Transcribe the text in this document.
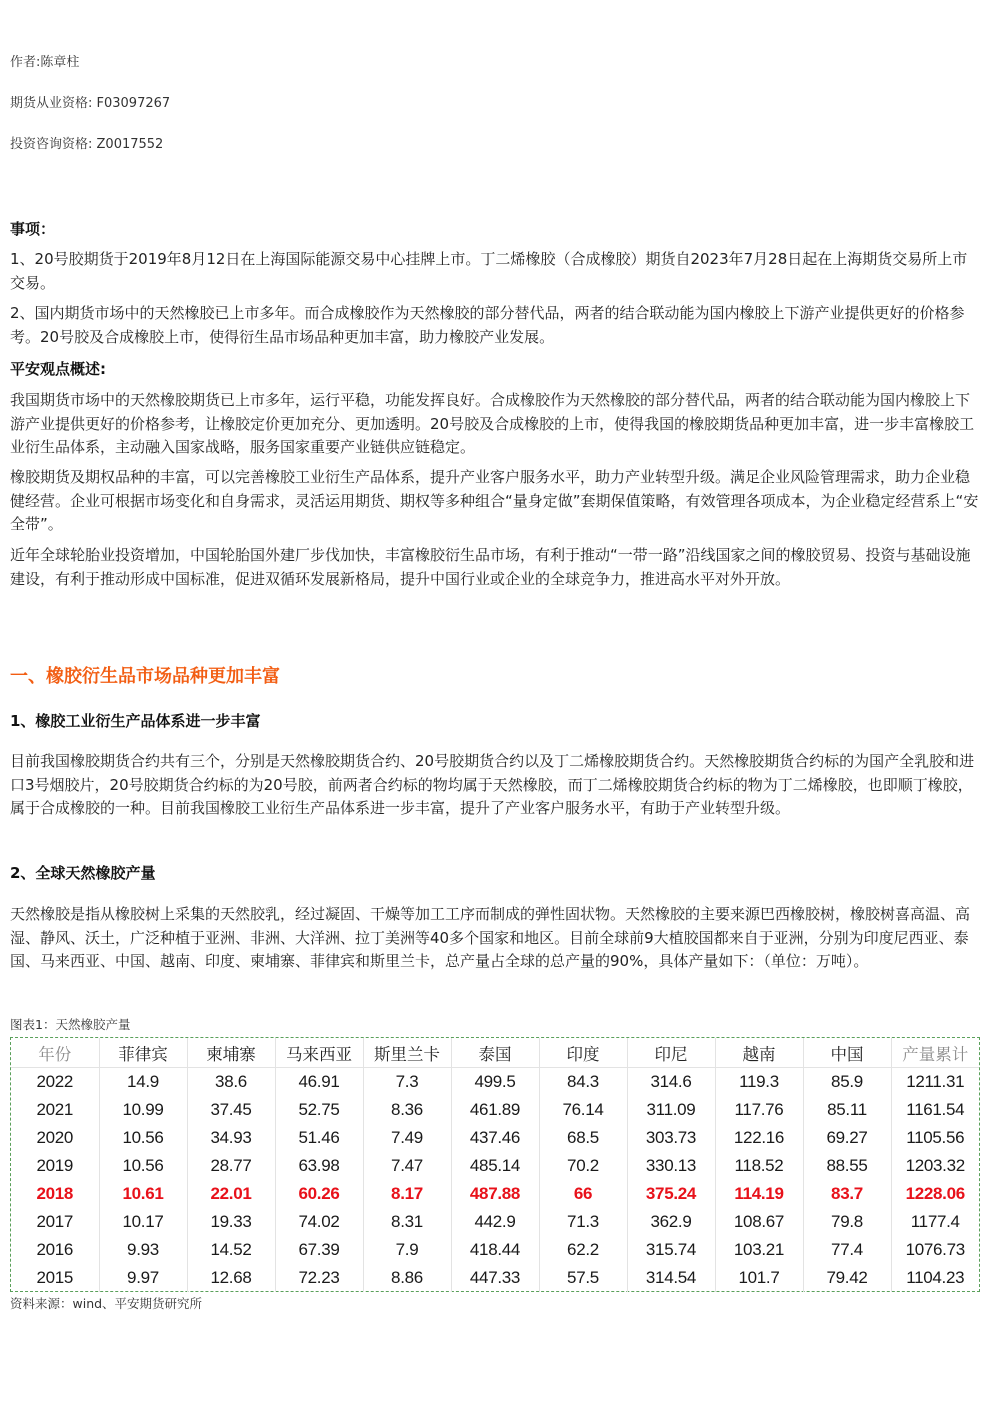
作者:陈章柱
期货从业资格: F03097267
投资咨询资格: Z0017552
事项：
1、20号胶期货于2019年8月12日在上海国际能源交易中心挂牌上市。丁二烯橡胶（合成橡胶）期货自2023年7月28日起在上海期货交易所上市交易。
2、国内期货市场中的天然橡胶已上市多年。而合成橡胶作为天然橡胶的部分替代品，两者的结合联动能为国内橡胶上下游产业提供更好的价格参考。20号胶及合成橡胶上市，使得衍生品市场品种更加丰富，助力橡胶产业发展。
平安观点概述:
我国期货市场中的天然橡胶期货已上市多年，运行平稳，功能发挥良好。合成橡胶作为天然橡胶的部分替代品，两者的结合联动能为国内橡胶上下游产业提供更好的价格参考，让橡胶定价更加充分、更加透明。20号胶及合成橡胶的上市，使得我国的橡胶期货品种更加丰富，进一步丰富橡胶工业衍生品体系，主动融入国家战略，服务国家重要产业链供应链稳定。
橡胶期货及期权品种的丰富，可以完善橡胶工业衍生产品体系，提升产业客户服务水平，助力产业转型升级。满足企业风险管理需求，助力企业稳健经营。企业可根据市场变化和自身需求，灵活运用期货、期权等多种组合“量身定做”套期保值策略，有效管理各项成本，为企业稳定经营系上“安全带”。
近年全球轮胎业投资增加，中国轮胎国外建厂步伐加快，丰富橡胶衍生品市场，有利于推动“一带一路”沿线国家之间的橡胶贸易、投资与基础设施建设，有利于推动形成中国标准，促进双循环发展新格局，提升中国行业或企业的全球竞争力，推进高水平对外开放。
一、橡胶衍生品市场品种更加丰富
1、橡胶工业衍生产品体系进一步丰富
目前我国橡胶期货合约共有三个，分别是天然橡胶期货合约、20号胶期货合约以及丁二烯橡胶期货合约。天然橡胶期货合约标的为国产全乳胶和进口3号烟胶片，20号胶期货合约标的为20号胶，前两者合约标的物均属于天然橡胶，而丁二烯橡胶期货合约标的物为丁二烯橡胶，也即顺丁橡胶，属于合成橡胶的一种。目前我国橡胶工业衍生产品体系进一步丰富，提升了产业客户服务水平，有助于产业转型升级。
2、全球天然橡胶产量
天然橡胶是指从橡胶树上采集的天然胶乳，经过凝固、干燥等加工工序而制成的弹性固状物。天然橡胶的主要来源巴西橡胶树，橡胶树喜高温、高湿、静风、沃土，广泛种植于亚洲、非洲、大洋洲、拉丁美洲等40多个国家和地区。目前全球前9大植胶国都来自于亚洲，分别为印度尼西亚、泰国、马来西亚、中国、越南、印度、柬埔寨、菲律宾和斯里兰卡，总产量占全球的总产量的90%，具体产量如下：（单位：万吨）。
图表1：天然橡胶产量
年份	菲律宾	柬埔寨	马来西亚	斯里兰卡	泰国	印度	印尼	越南	中国	产量累计
2022	14.9	38.6	46.91	7.3	499.5	84.3	314.6	119.3	85.9	1211.31
2021	10.99	37.45	52.75	8.36	461.89	76.14	311.09	117.76	85.11	1161.54
2020	10.56	34.93	51.46	7.49	437.46	68.5	303.73	122.16	69.27	1105.56
2019	10.56	28.77	63.98	7.47	485.14	70.2	330.13	118.52	88.55	1203.32
2018	10.61	22.01	60.26	8.17	487.88	66	375.24	114.19	83.7	1228.06
2017	10.17	19.33	74.02	8.31	442.9	71.3	362.9	108.67	79.8	1177.4
2016	9.93	14.52	67.39	7.9	418.44	62.2	315.74	103.21	77.4	1076.73
2015	9.97	12.68	72.23	8.86	447.33	57.5	314.54	101.7	79.42	1104.23
资料来源：wind、平安期货研究所
